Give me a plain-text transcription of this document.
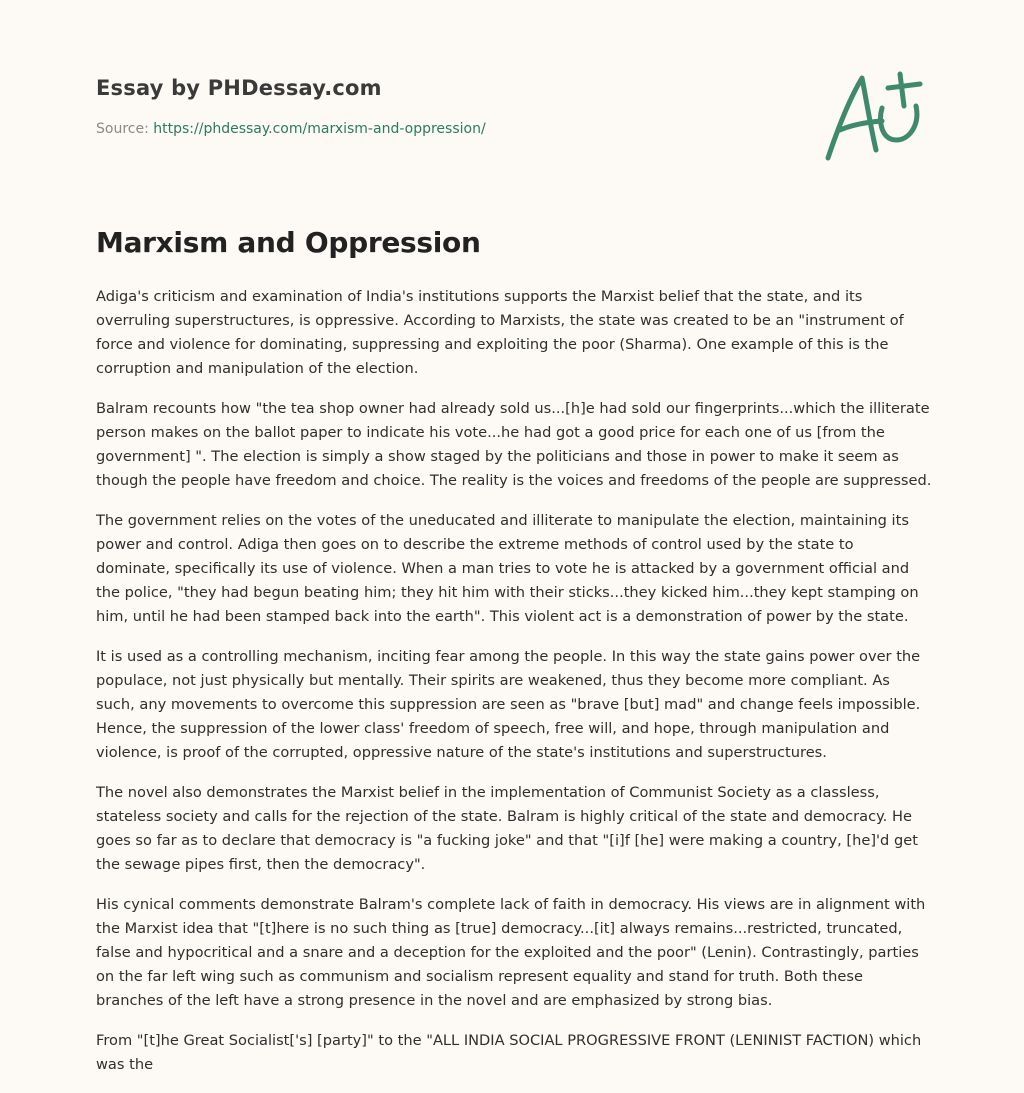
Essay by PHDessay.com
Source: https://phdessay.com/marxism-and-oppression/
Marxism and Oppression

Adiga's criticism and examination of India's institutions supports the Marxist belief that the state, and its overruling superstructures, is oppressive. According to Marxists, the state was created to be an "instrument of force and violence for dominating, suppressing and exploiting the poor (Sharma). One example of this is the corruption and manipulation of the election.

Balram recounts how "the tea shop owner had already sold us...[h]e had sold our fingerprints...which the illiterate person makes on the ballot paper to indicate his vote...he had got a good price for each one of us [from the government] ". The election is simply a show staged by the politicians and those in power to make it seem as though the people have freedom and choice. The reality is the voices and freedoms of the people are suppressed.

The government relies on the votes of the uneducated and illiterate to manipulate the election, maintaining its power and control. Adiga then goes on to describe the extreme methods of control used by the state to dominate, specifically its use of violence. When a man tries to vote he is attacked by a government official and the police, "they had begun beating him; they hit him with their sticks...they kicked him...they kept stamping on him, until he had been stamped back into the earth". This violent act is a demonstration of power by the state.

It is used as a controlling mechanism, inciting fear among the people. In this way the state gains power over the populace, not just physically but mentally. Their spirits are weakened, thus they become more compliant. As such, any movements to overcome this suppression are seen as "brave [but] mad" and change feels impossible. Hence, the suppression of the lower class' freedom of speech, free will, and hope, through manipulation and violence, is proof of the corrupted, oppressive nature of the state's institutions and superstructures.

The novel also demonstrates the Marxist belief in the implementation of Communist Society as a classless, stateless society and calls for the rejection of the state. Balram is highly critical of the state and democracy. He goes so far as to declare that democracy is "a fucking joke" and that "[i]f [he] were making a country, [he]'d get the sewage pipes first, then the democracy".

His cynical comments demonstrate Balram's complete lack of faith in democracy. His views are in alignment with the Marxist idea that "[t]here is no such thing as [true] democracy...[it] always remains...restricted, truncated, false and hypocritical and a snare and a deception for the exploited and the poor" (Lenin). Contrastingly, parties on the far left wing such as communism and socialism represent equality and stand for truth. Both these branches of the left have a strong presence in the novel and are emphasized by strong bias.

From "[t]he Great Socialist['s] [party]" to the "ALL INDIA SOCIAL PROGRESSIVE FRONT (LENINIST FACTION) which was the
